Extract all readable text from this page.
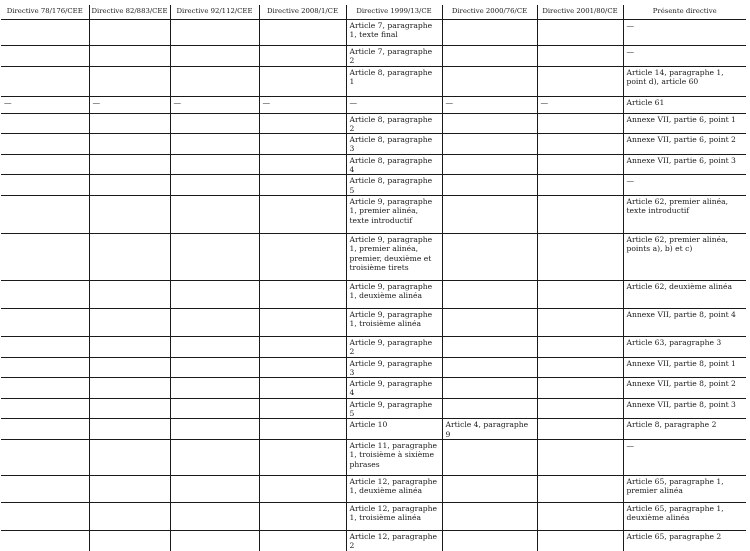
Directive 78/176/CEE	Directive 82/883/CEE	Directive 92/112/CEE	Directive 2008/1/CE	Directive 1999/13/CE	Directive 2000/76/CE	Directive 2001/80/CE	Présente directive
				Article 7, paragraphe 1, texte final			—
				Article 7, paragraphe 2			—
				Article 8, paragraphe 1			Article 14, paragraphe 1, point d), article 60
—	—	—	—	—	—	—	Article 61
				Article 8, paragraphe 2			Annexe VII, partie 6, point 1
				Article 8, paragraphe 3			Annexe VII, partie 6, point 2
				Article 8, paragraphe 4			Annexe VII, partie 6, point 3
				Article 8, paragraphe 5			—
				Article 9, paragraphe 1, premier alinéa, texte introductif			Article 62, premier alinéa, texte introductif
				Article 9, paragraphe 1, premier alinéa, premier, deuxième et troisième tirets			Article 62, premier alinéa, points a), b) et c)
				Article 9, paragraphe 1, deuxième alinéa			Article 62, deuxième alinéa
				Article 9, paragraphe 1, troisième alinéa			Annexe VII, partie 8, point 4
				Article 9, paragraphe 2			Article 63, paragraphe 3
				Article 9, paragraphe 3			Annexe VII, partie 8, point 1
				Article 9, paragraphe 4			Annexe VII, partie 8, point 2
				Article 9, paragraphe 5			Annexe VII, partie 8, point 3
				Article 10	Article 4, paragraphe 9		Article 8, paragraphe 2
				Article 11, paragraphe 1, troisième à sixième phrases			—
				Article 12, paragraphe 1, deuxième alinéa			Article 65, paragraphe 1, premier alinéa
				Article 12, paragraphe 1, troisième alinéa			Article 65, paragraphe 1, deuxième alinéa
				Article 12, paragraphe 2			Article 65, paragraphe 2
